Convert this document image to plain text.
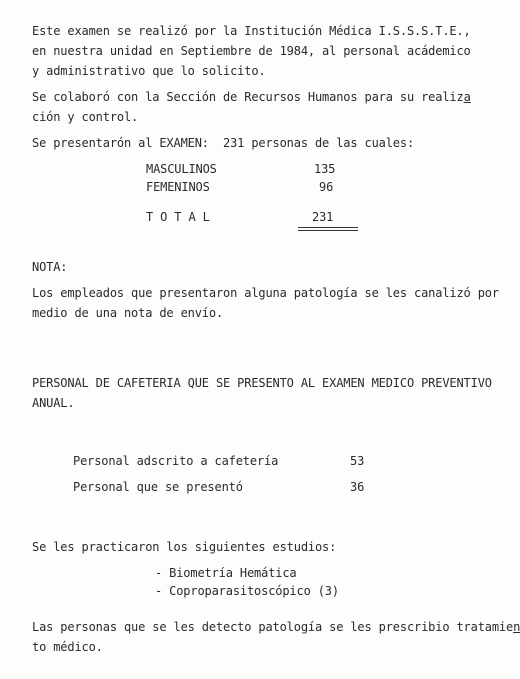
Este examen se realizó por la Institución Médica I.S.S.S.T.E.,
en nuestra unidad en Septiembre de 1984, al personal acádemico
y administrativo que lo solicito.
Se colaboró con la Sección de Recursos Humanos para su realiza
ción y control.
Se presentarón al EXAMEN:  231 personas de las cuales:
MASCULINOS	135
FEMENINOS	96
T O T A L	231
NOTA:
Los empleados que presentaron alguna patología se les canalizó por
medio de una nota de envío.
PERSONAL DE CAFETERIA QUE SE PRESENTO AL EXAMEN MEDICO PREVENTIVO
ANUAL.
Personal adscrito a cafetería	53
Personal que se presentó	36
Se les practicaron los siguientes estudios:
- Biometría Hemática
- Coproparasitoscópico (3)
Las personas que se les detecto patología se les prescribio tratamien
to médico.
